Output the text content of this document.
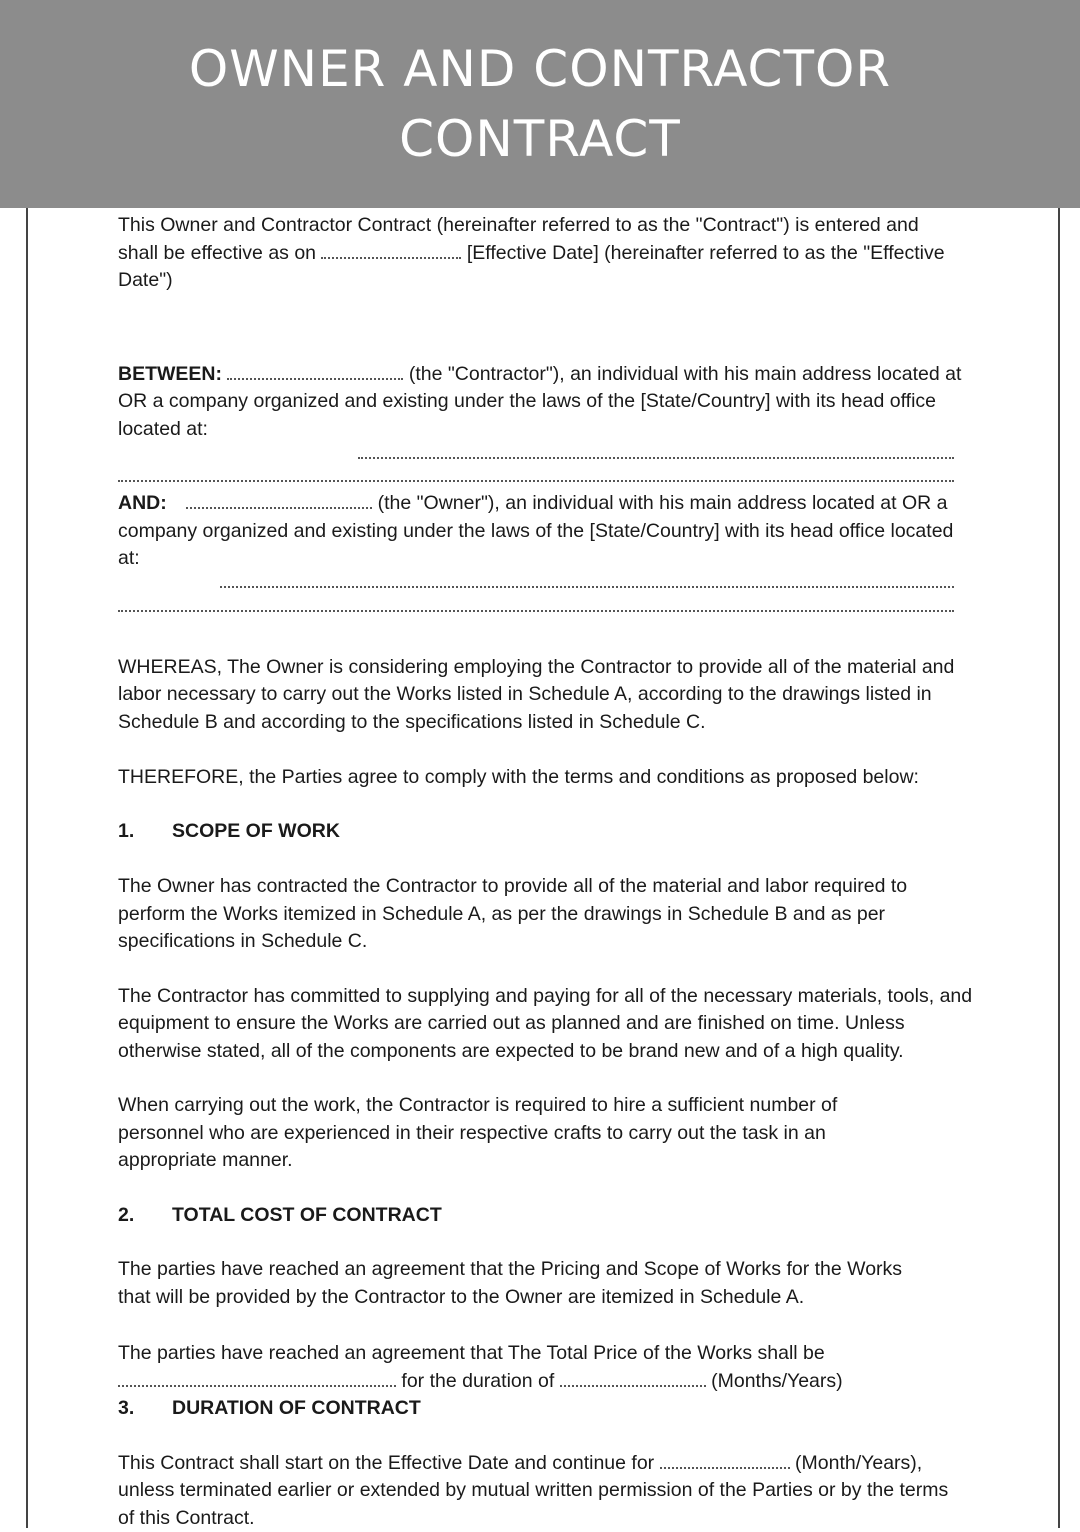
OWNER AND CONTRACTOR
CONTRACT

This Owner and Contractor Contract (hereinafter referred to as the "Contract") is entered and shall be effective as on	[Effective Date] (hereinafter referred to as the "Effective Date")

BETWEEN:	(the "Contractor"), an individual with his main address located at OR a company organized and existing under the laws of the [State/Country] with its head office located at:

AND:	(the "Owner"), an individual with his main address located at OR a company organized and existing under the laws of the [State/Country] with its head office located at:

WHEREAS, The Owner is considering employing the Contractor to provide all of the material and labor necessary to carry out the Works listed in Schedule A, according to the drawings listed in Schedule B and according to the specifications listed in Schedule C.

THEREFORE, the Parties agree to comply with the terms and conditions as proposed below:

1. SCOPE OF WORK

The Owner has contracted the Contractor to provide all of the material and labor required to perform the Works itemized in Schedule A, as per the drawings in Schedule B and as per specifications in Schedule C.

The Contractor has committed to supplying and paying for all of the necessary materials, tools, and equipment to ensure the Works are carried out as planned and are finished on time. Unless otherwise stated, all of the components are expected to be brand new and of a high quality.

When carrying out the work, the Contractor is required to hire a sufficient number of personnel who are experienced in their respective crafts to carry out the task in an appropriate manner.

2. TOTAL COST OF CONTRACT

The parties have reached an agreement that the Pricing and Scope of Works for the Works that will be provided by the Contractor to the Owner are itemized in Schedule A.

The parties have reached an agreement that The Total Price of the Works shall be for the duration of	(Months/Years)

3. DURATION OF CONTRACT

This Contract shall start on the Effective Date and continue for	(Month/Years), unless terminated earlier or extended by mutual written permission of the Parties or by the terms of this Contract.
